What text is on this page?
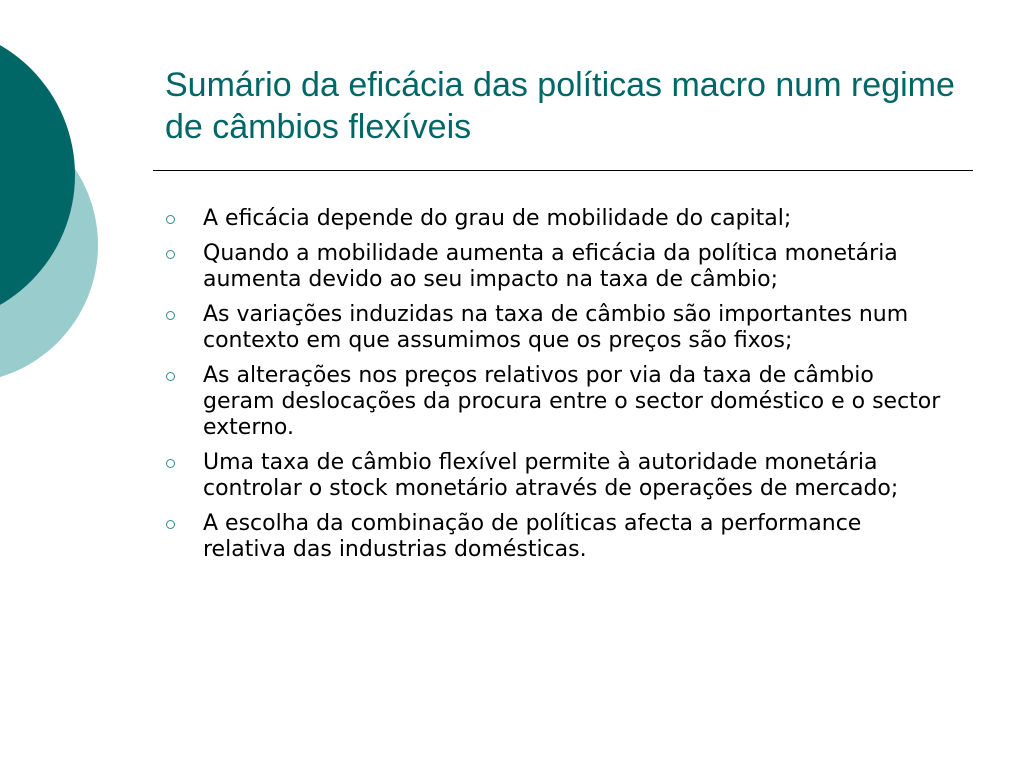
Sumário da eficácia das políticas macro num regime de câmbios flexíveis
A eficácia depende do grau de mobilidade do capital;
Quando a mobilidade aumenta a eficácia da política monetária aumenta devido ao seu impacto na taxa de câmbio;
As variações induzidas na taxa de câmbio são importantes num contexto em que assumimos que os preços são fixos;
As alterações nos preços relativos por via da taxa de câmbio geram deslocações da procura entre o sector doméstico e o sector externo.
Uma taxa de câmbio flexível permite à autoridade monetária controlar o stock monetário através de operações de mercado;
A escolha da combinação de políticas afecta a performance relativa das industrias domésticas.
